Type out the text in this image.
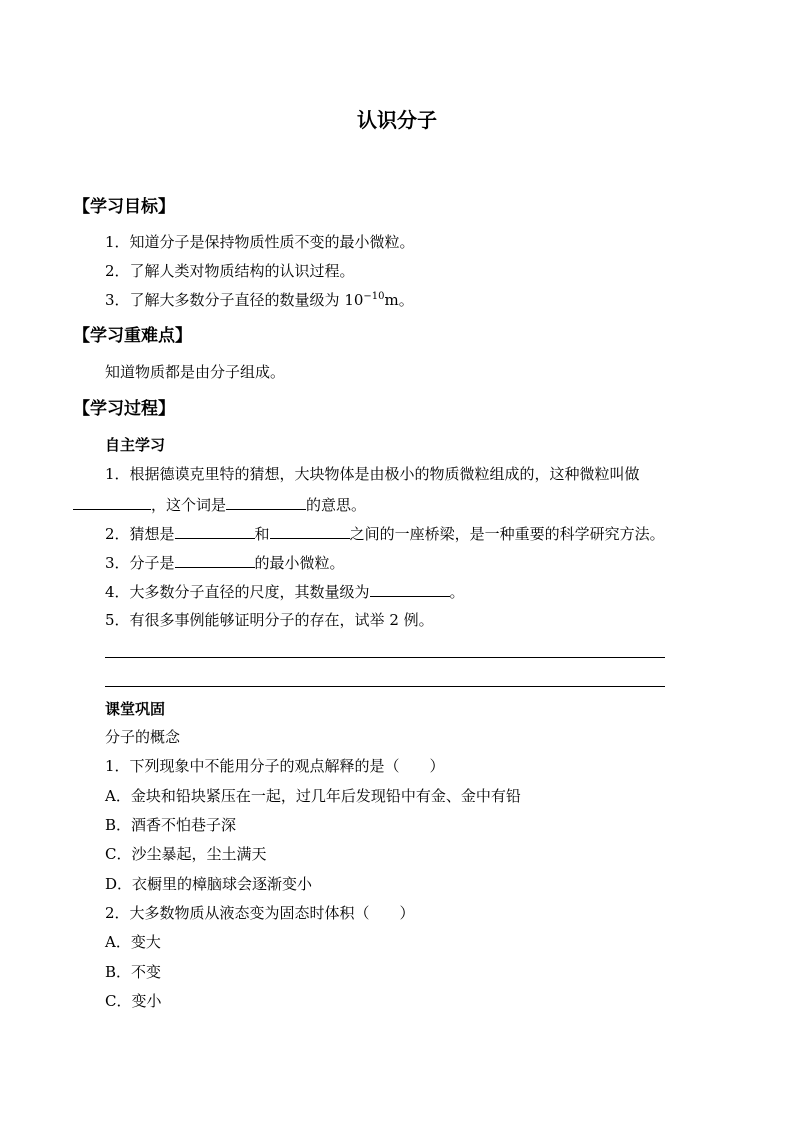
认识分子
【学习目标】
1．知道分子是保持物质性质不变的最小微粒。
2．了解人类对物质结构的认识过程。
3．了解大多数分子直径的数量级为 $10^{-10}m$。
【学习重难点】
知道物质都是由分子组成。
【学习过程】
自主学习
1．根据德谟克里特的猜想，大块物体是由极小的物质微粒组成的，这种微粒叫做
，这个词是	的意思。
2．猜想是	和	之间的一座桥梁，是一种重要的科学研究方法。
3．分子是	的最小微粒。
4．大多数分子直径的尺度，其数量级为	。
5．有很多事例能够证明分子的存在，试举 2 例。
课堂巩固
分子的概念
1．下列现象中不能用分子的观点解释的是（　　）
A．金块和铅块紧压在一起，过几年后发现铅中有金、金中有铅
B．酒香不怕巷子深
C．沙尘暴起，尘土满天
D．衣橱里的樟脑球会逐渐变小
2．大多数物质从液态变为固态时体积（　　）
A．变大
B．不变
C．变小
